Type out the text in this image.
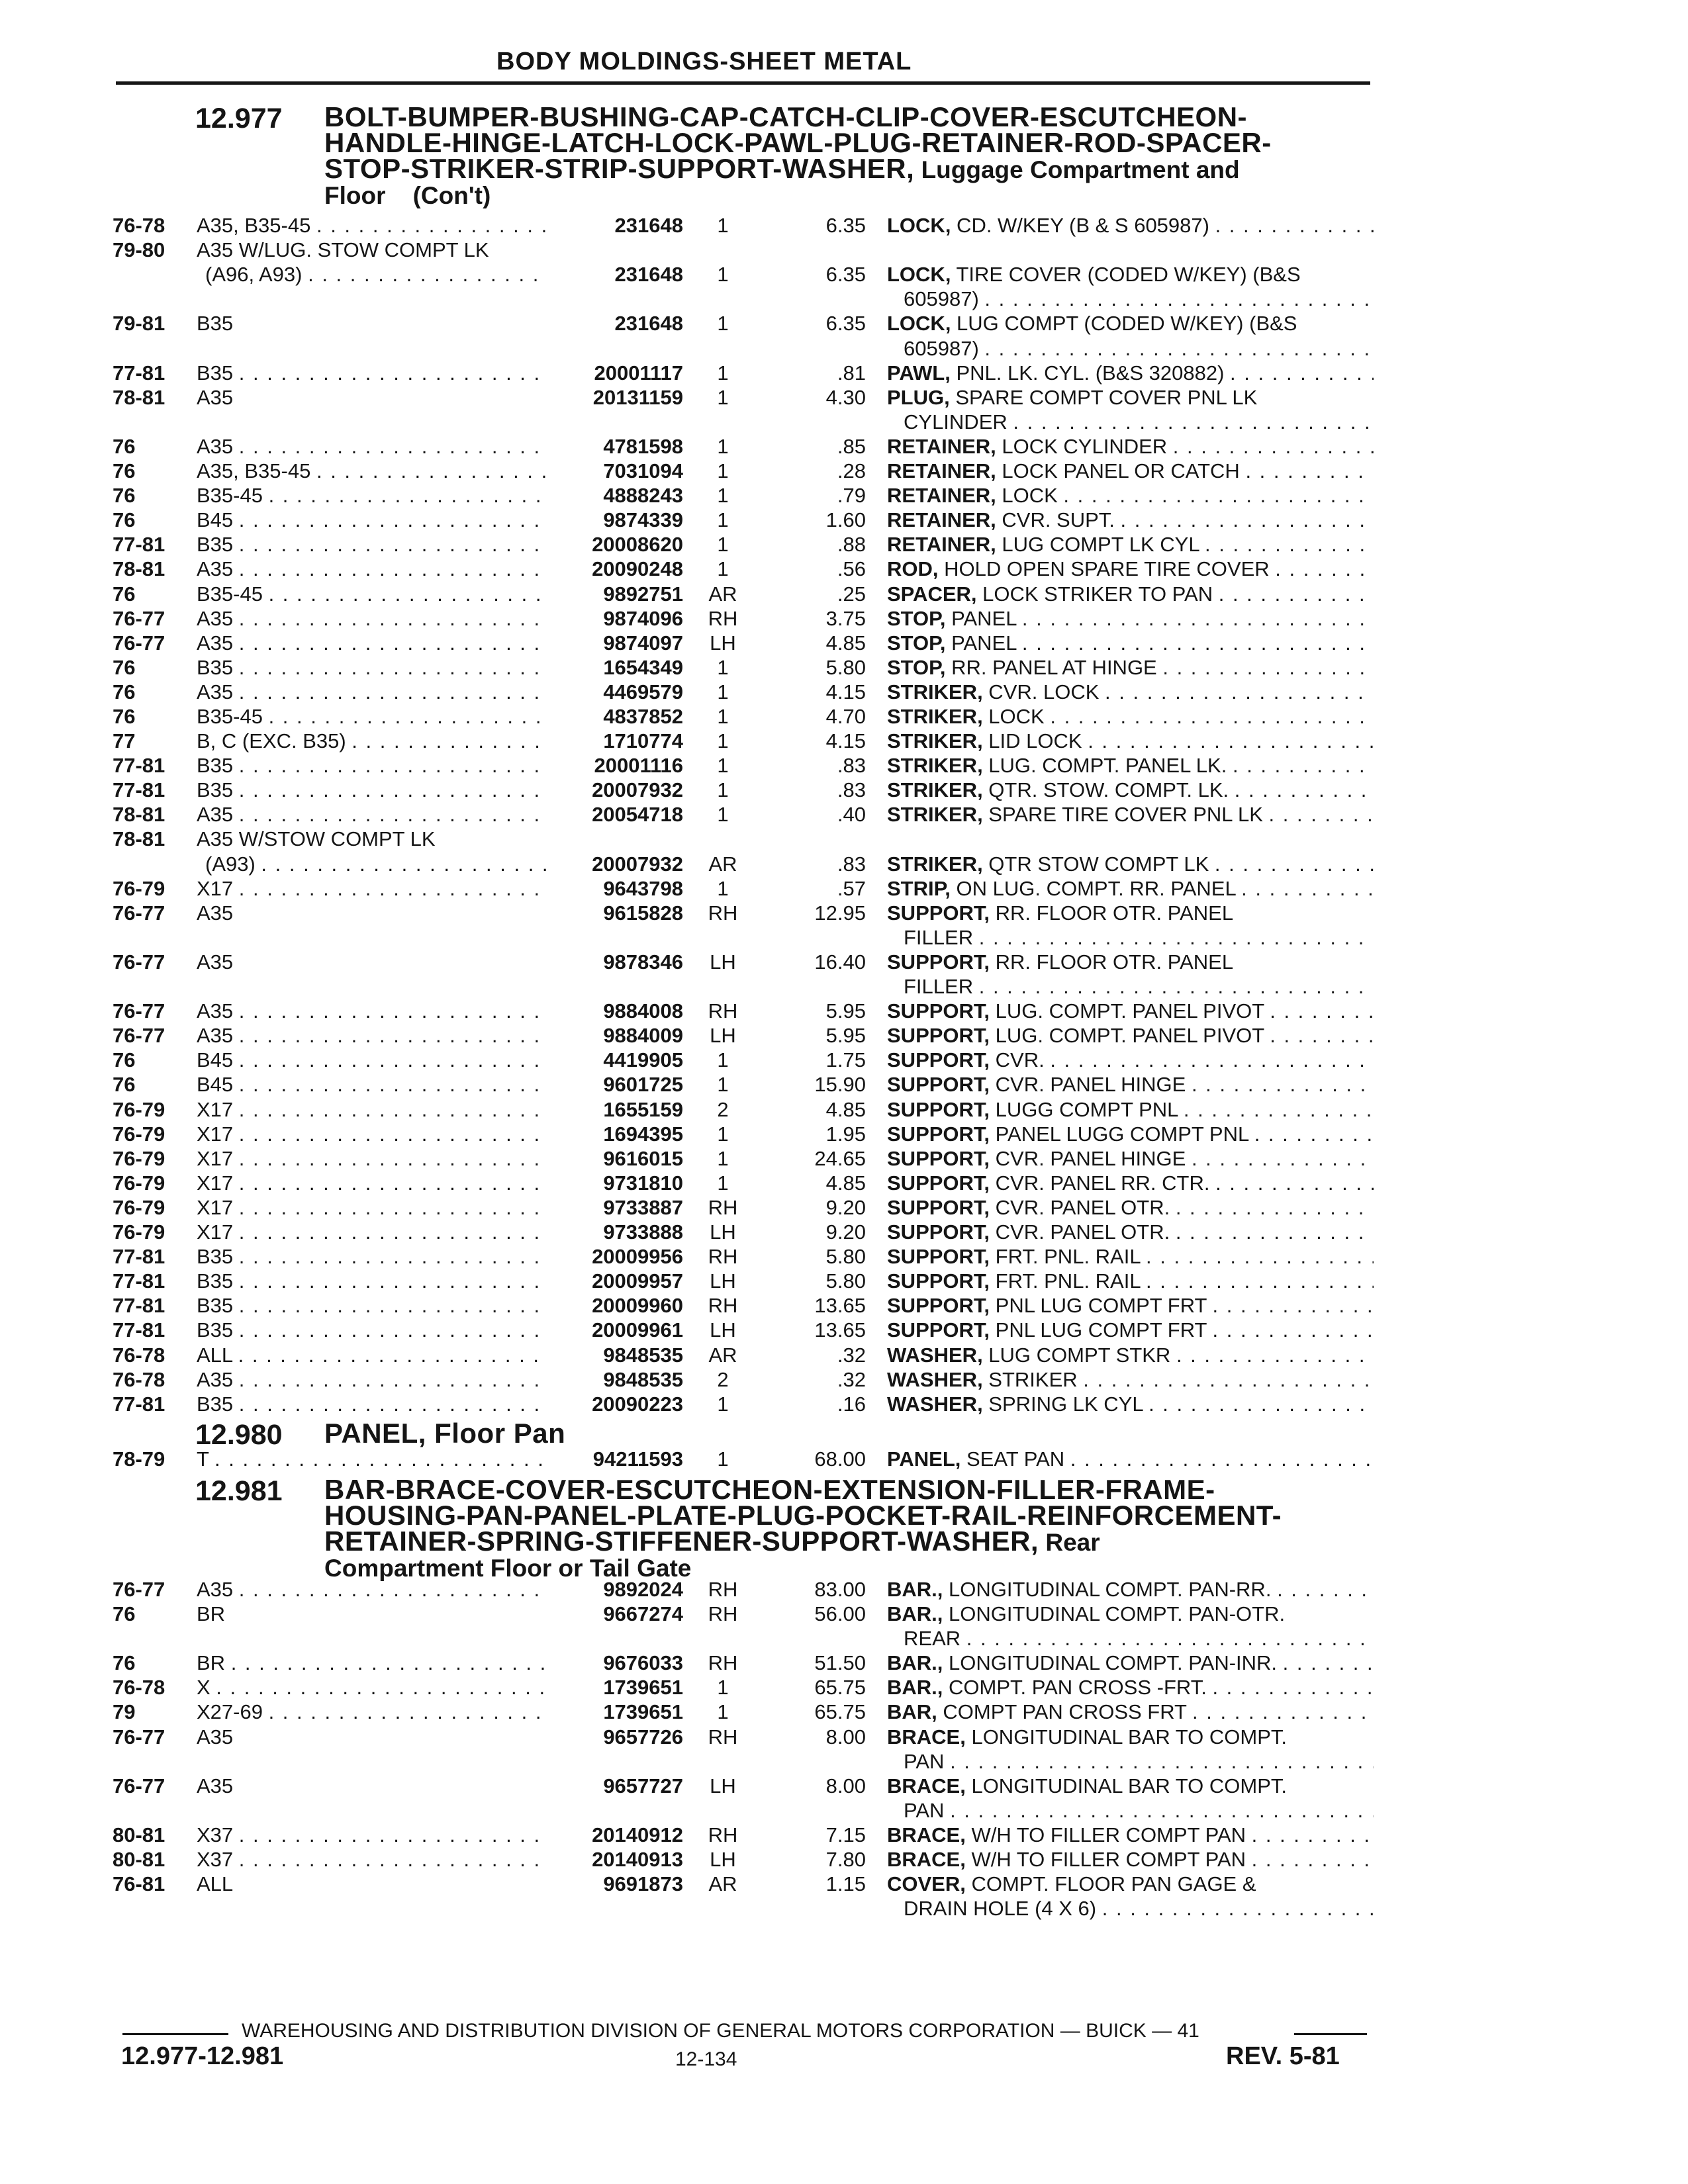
BODY MOLDINGS-SHEET METAL
12.977 BOLT-BUMPER-BUSHING-CAP-CATCH-CLIP-COVER-ESCUTCHEON-
HANDLE-HINGE-LATCH-LOCK-PAWL-PLUG-RETAINER-ROD-SPACER-
STOP-STRIKER-STRIP-SUPPORT-WASHER, Luggage Compartment and
Floor    (Con't)
12.980 PANEL, Floor Pan
12.981 BAR-BRACE-COVER-ESCUTCHEON-EXTENSION-FILLER-FRAME-
HOUSING-PAN-PANEL-PLATE-PLUG-POCKET-RAIL-REINFORCEMENT-
RETAINER-SPRING-STIFFENER-SUPPORT-WASHER, Rear
Compartment Floor or Tail Gate
76-78 A35, B35-45 . . .	231648	1	6.35 LOCK, CD. W/KEY (B & S 605987) . . .
79-80 A35 W/LUG. STOW COMPT LK
(A96, A93) . . .	231648	1	6.35 LOCK, TIRE COVER (CODED W/KEY) (B&S
605987) . . .
79-81 B35	231648	1	6.35 LOCK, LUG COMPT (CODED W/KEY) (B&S
605987) . . .
77-81 B35 . . .	20001117	1	.81 PAWL, PNL. LK. CYL. (B&S 320882) . . .
78-81 A35	20131159	1	4.30 PLUG, SPARE COMPT COVER PNL LK
CYLINDER . . .
76	A35 . . .	4781598	1	.85 RETAINER, LOCK CYLINDER . . .
76	A35, B35-45 . . .	7031094	1	.28 RETAINER, LOCK PANEL OR CATCH . . .
76	B35-45 . . .	4888243	1	.79 RETAINER, LOCK . . .
76	B45 . . .	9874339	1	1.60 RETAINER, CVR. SUPT. . . .
77-81 B35 . . .	20008620	1	.88 RETAINER, LUG COMPT LK CYL . . .
78-81 A35 . . .	20090248	1	.56 ROD, HOLD OPEN SPARE TIRE COVER . . .
76	B35-45 . . .	9892751 AR	.25 SPACER, LOCK STRIKER TO PAN . . .
76-77 A35 . . .	9874096 RH	3.75 STOP, PANEL . . .
76-77 A35 . . .	9874097	LH	4.85 STOP, PANEL . . .
76	B35 . . .	1654349	1	5.80 STOP, RR. PANEL AT HINGE . . .
76	A35 . . .	4469579	1	4.15 STRIKER, CVR. LOCK . . .
76	B35-45 . . .	4837852	1	4.70 STRIKER, LOCK . . .
77	B, C (EXC. B35) . . .	1710774	1	4.15 STRIKER, LID LOCK . . .
77-81 B35 . . .	20001116	1	.83 STRIKER, LUG. COMPT. PANEL LK. . . .
77-81 B35 . . .	20007932	1	.83 STRIKER, QTR. STOW. COMPT. LK. . . .
78-81 A35 . . .	20054718	1	.40 STRIKER, SPARE TIRE COVER PNL LK . . .
78-81 A35 W/STOW COMPT LK
(A93) . . .	20007932 AR	.83 STRIKER, QTR STOW COMPT LK . . .
76-79 X17 . . .	9643798	1	.57 STRIP, ON LUG. COMPT. RR. PANEL . . .
76-77 A35	9615828 RH	12.95 SUPPORT, RR. FLOOR OTR. PANEL
FILLER . . .
76-77 A35	9878346	LH	16.40 SUPPORT, RR. FLOOR OTR. PANEL
FILLER . . .
76-77 A35 . . .	9884008 RH	5.95 SUPPORT, LUG. COMPT. PANEL PIVOT . . .
76-77 A35 . . .	9884009	LH	5.95 SUPPORT, LUG. COMPT. PANEL PIVOT . . .
76	B45 . . .	4419905	1	1.75 SUPPORT, CVR. . . .
76	B45 . . .	9601725	1	15.90 SUPPORT, CVR. PANEL HINGE . . .
76-79 X17 . . .	1655159	2	4.85 SUPPORT, LUGG COMPT PNL . . .
76-79 X17 . . .	1694395	1	1.95 SUPPORT, PANEL LUGG COMPT PNL . . .
76-79 X17 . . .	9616015	1	24.65 SUPPORT, CVR. PANEL HINGE . . .
76-79 X17 . . .	9731810	1	4.85 SUPPORT, CVR. PANEL RR. CTR. . . .
76-79 X17 . . .	9733887 RH	9.20 SUPPORT, CVR. PANEL OTR. . . .
76-79 X17 . . .	9733888	LH	9.20 SUPPORT, CVR. PANEL OTR. . . .
77-81 B35 . . .	20009956 RH	5.80 SUPPORT, FRT. PNL. RAIL . . .
77-81 B35 . . .	20009957	LH	5.80 SUPPORT, FRT. PNL. RAIL . . .
77-81 B35 . . .	20009960 RH	13.65 SUPPORT, PNL LUG COMPT FRT . . .
77-81 B35 . . .	20009961	LH	13.65 SUPPORT, PNL LUG COMPT FRT . . .
76-78 ALL . . .	9848535 AR	.32 WASHER, LUG COMPT STKR . . .
76-78 A35 . . .	9848535	2	.32 WASHER, STRIKER . . .
77-81 B35 . . .	20090223	1	.16 WASHER, SPRING LK CYL . . .
78-79 T . . .	94211593	1	68.00 PANEL, SEAT PAN . . .
76-77 A35 . . .	9892024 RH	83.00 BAR., LONGITUDINAL COMPT. PAN-RR. . . .
76	BR	9667274 RH	56.00 BAR., LONGITUDINAL COMPT. PAN-OTR.
REAR . . .
76	BR . . .	9676033 RH	51.50 BAR., LONGITUDINAL COMPT. PAN-INR. . . .
76-78 X . . .	1739651	1	65.75 BAR., COMPT. PAN CROSS -FRT. . . .
79	X27-69 . . .	1739651	1	65.75 BAR, COMPT PAN CROSS FRT . . .
76-77 A35	9657726 RH	8.00 BRACE, LONGITUDINAL BAR TO COMPT.
PAN . . .
76-77 A35	9657727	LH	8.00 BRACE, LONGITUDINAL BAR TO COMPT.
PAN . . .
80-81 X37 . . .	20140912 RH	7.15 BRACE, W/H TO FILLER COMPT PAN . . .
80-81 X37 . . .	20140913	LH	7.80 BRACE, W/H TO FILLER COMPT PAN . . .
76-81 ALL	9691873 AR	1.15 COVER, COMPT. FLOOR PAN GAGE &
DRAIN HOLE (4 X 6) . . .
WAREHOUSING AND DISTRIBUTION DIVISION OF GENERAL MOTORS CORPORATION — BUICK — 41
12.977-12.981	12-134	REV. 5-81
